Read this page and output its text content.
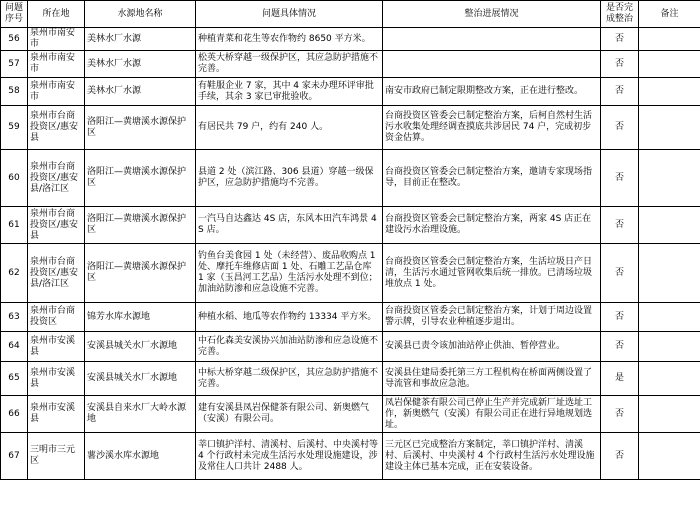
问题序号	所在地	水源地名称	问题具体情况	整治进展情况	是否完成整治	备注
56	泉州市南安市	美林水厂水源	种植青菜和花生等农作物约 8650 平方米。		否	
57	泉州市南安市	美林水厂水源	松英大桥穿越一级保护区，其应急防护措施不完善。		否	
58	泉州市南安市	美林水厂水源	有鞋服企业 7 家，其中 4 家未办理环评审批手续，其余 3 家已审批验收。	南安市政府已制定限期整改方案，正在进行整改。	否	
59	泉州市台商投资区/惠安县	洛阳江—黄塘溪水源保护区	有居民共 79 户，约有 240 人。	台商投资区管委会已制定整治方案，后柯自然村生活污水收集处理经调查摸底共涉居民 74 户，完成初步资金估算。	否	
60	泉州市台商投资区/惠安县/洛江区	洛阳江—黄塘溪水源保护区	县道 2 处（滨江路、306 县道）穿越一级保护区，应急防护措施均不完善。	台商投资区管委会已制定整治方案，邀请专家现场指导，目前正在整改。	否	
61	泉州市台商投资区/惠安县	洛阳江—黄塘溪水源保护区	一汽马自达鑫达 4S 店，东风本田汽车鸿景 4S 店。	台商投资区管委会已制定整治方案，两家 4S 店正在建设污水治理设施。	否	
62	泉州市台商投资区/惠安县/洛江区	洛阳江—黄塘溪水源保护区	钓鱼台美食园 1 处（未经营）、废品收购点 1 处、摩托车维修店面 1 处、石雕工艺品仓库 1 家（玉昌河工艺品）生活污水处理不到位；加油站防渗和应急设施不完善。	台商投资区管委会已制定整治方案，生活垃圾日产日清，生活污水通过管网收集后统一排放。已清场垃圾堆放点 1 处。	否	
63	泉州市台商投资区	锦芳水库水源地	种植水稻、地瓜等农作物约 13334 平方米。	台商投资区管委会已制定整治方案，计划于周边设置警示牌，引导农业种植逐步退出。	否	
64	泉州市安溪县	安溪县城关水厂水源地	中石化森美安溪协兴加油站防渗和应急设施不完善。	安溪县已责令该加油站停止供油、暂停营业。	否	
65	泉州市安溪县	安溪县城关水厂水源地	中标大桥穿越二级保护区，其应急防护措施不完善。	安溪县住建局委托第三方工程机构在桥面两侧设置了导流管和事故应急池。	是	
66	泉州市安溪县	安溪县自来水厂大岭水源地	建有安溪县凤岩保健茶有限公司、新奥燃气（安溪）有限公司。	凤岩保健茶有限公司已停止生产并完成新厂址选址工作，新奥燃气（安溪）有限公司正在进行异地规划选址。	否	
67	三明市三元区	薯沙溪水库水源地	莘口镇护洋村、清溪村、后溪村、中央溪村等 4 个行政村未完成生活污水处理设施建设，涉及常住人口共计 2488 人。	三元区已完成整治方案制定，莘口镇护洋村、清溪村、后溪村、中央溪村 4 个行政村生活污水处理设施建设主体已基本完成，正在安装设备。	否	
